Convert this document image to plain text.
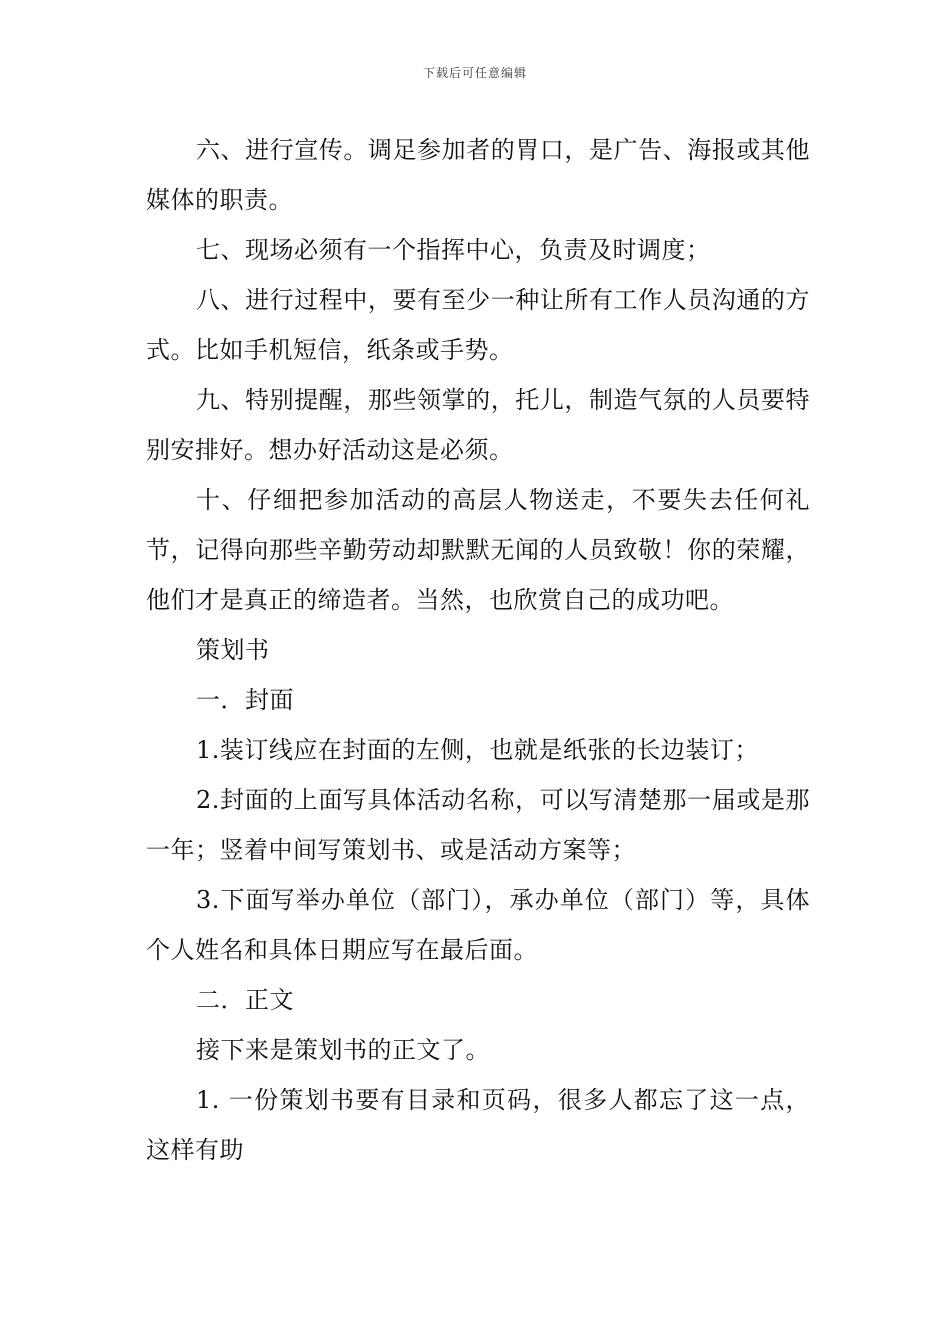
下载后可任意编辑

六、进行宣传。调足参加者的胃口，是广告、海报或其他媒体的职责。

七、现场必须有一个指挥中心，负责及时调度；

八、进行过程中，要有至少一种让所有工作人员沟通的方式。比如手机短信，纸条或手势。

九、特别提醒，那些领掌的，托儿，制造气氛的人员要特别安排好。想办好活动这是必须。

十、仔细把参加活动的高层人物送走，不要失去任何礼节，记得向那些辛勤劳动却默默无闻的人员致敬！你的荣耀，他们才是真正的缔造者。当然，也欣赏自己的成功吧。

策划书

一．封面

1.装订线应在封面的左侧，也就是纸张的长边装订；

2.封面的上面写具体活动名称，可以写清楚那一届或是那一年；竖着中间写策划书、或是活动方案等；

3.下面写举办单位（部门），承办单位（部门）等，具体个人姓名和具体日期应写在最后面。

二．正文

接下来是策划书的正文了。

1. 一份策划书要有目录和页码，很多人都忘了这一点，这样有助
